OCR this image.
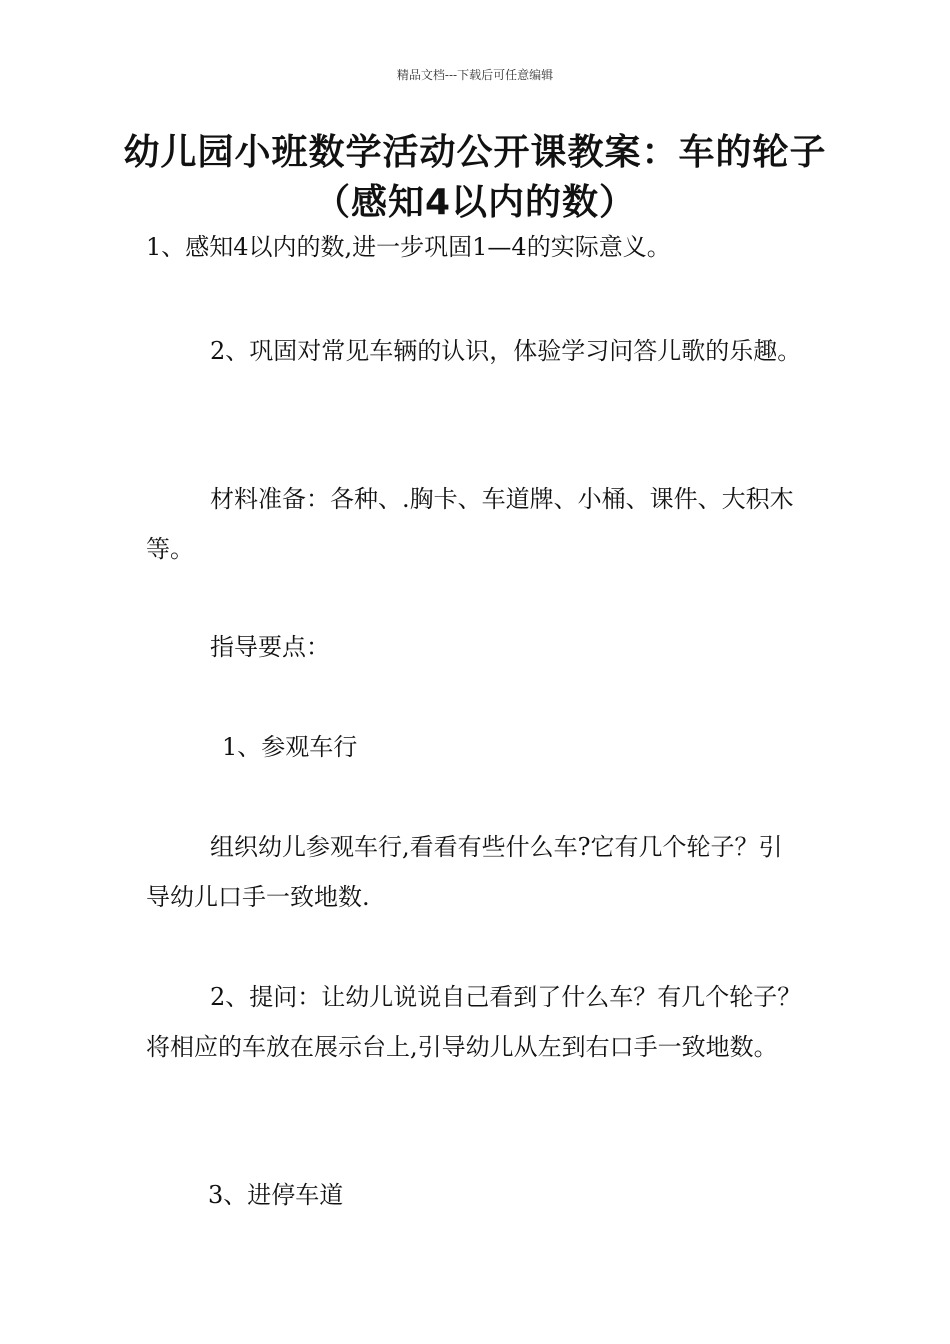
精品文档---下载后可任意编辑
幼儿园小班数学活动公开课教案：车的轮子（感知4以内的数）

1、感知4以内的数,进一步巩固1—4的实际意义。

2、巩固对常见车辆的认识，体验学习问答儿歌的乐趣。

材料准备：各种、.胸卡、车道牌、小桶、课件、大积木等。

指导要点：

1、参观车行

组织幼儿参观车行,看看有些什么车?它有几个轮子？引导幼儿口手一致地数.

2、提问：让幼儿说说自己看到了什么车？有几个轮子？将相应的车放在展示台上,引导幼儿从左到右口手一致地数。

3、进停车道
